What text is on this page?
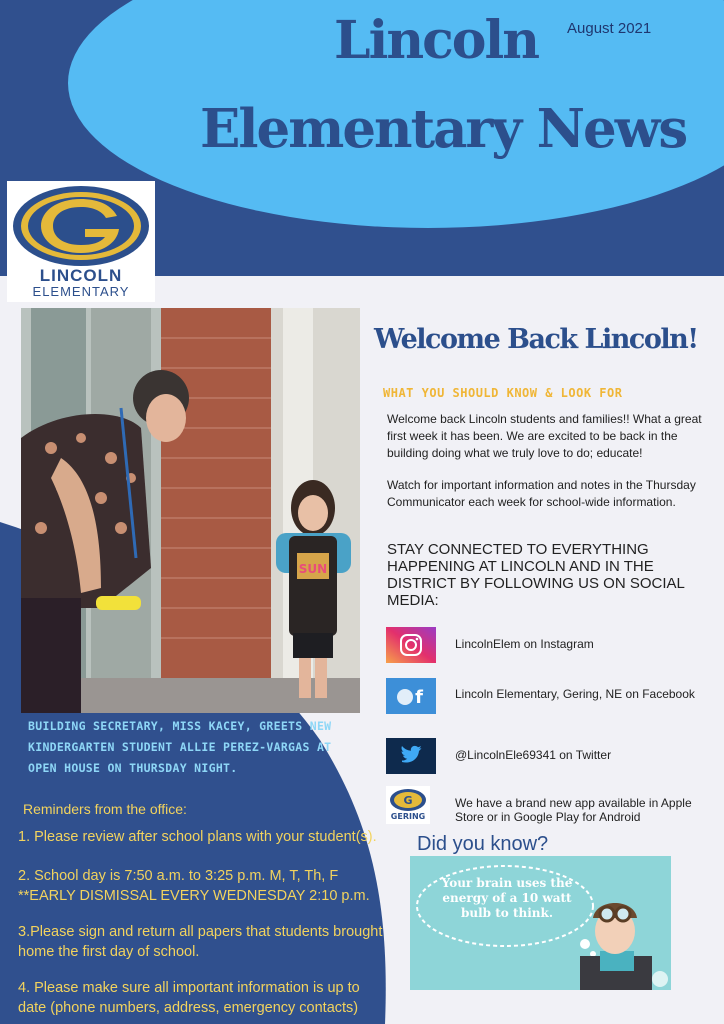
Lincoln
Elementary News
August 2021
LINCOLN
ELEMENTARY
SUN
BUILDING SECRETARY, MISS KACEY, GREETS NEW KINDERGARTEN STUDENT ALLIE PEREZ-VARGAS AT OPEN HOUSE ON THURSDAY NIGHT.
Reminders from the office:
1. Please review after school plans with your student(s).
2. School day is 7:50 a.m. to 3:25 p.m. M, T, Th, F
**EARLY DISMISSAL EVERY WEDNESDAY 2:10 p.m.
3.Please sign and return all papers that students brought home the first day of school.
4. Please make sure all important information is up to date (phone numbers, address, emergency contacts)
Welcome Back Lincoln!
WHAT YOU SHOULD KNOW & LOOK FOR
Welcome back Lincoln students and families!! What a great first week it has been. We are excited to be back in the building doing what we truly love to do; educate!
Watch for important information and notes in the Thursday Communicator each week for school-wide information.
STAY CONNECTED TO EVERYTHING HAPPENING AT LINCOLN AND IN THE DISTRICT BY FOLLOWING US ON SOCIAL MEDIA:
LincolnElem on Instagram
f	Lincoln Elementary, Gering, NE on Facebook
@LincolnEle69341 on Twitter
G
GERING
We have a brand new app available in Apple Store or in Google Play for Android
Did you know?
Your brain uses the energy of a 10 watt bulb to think.
